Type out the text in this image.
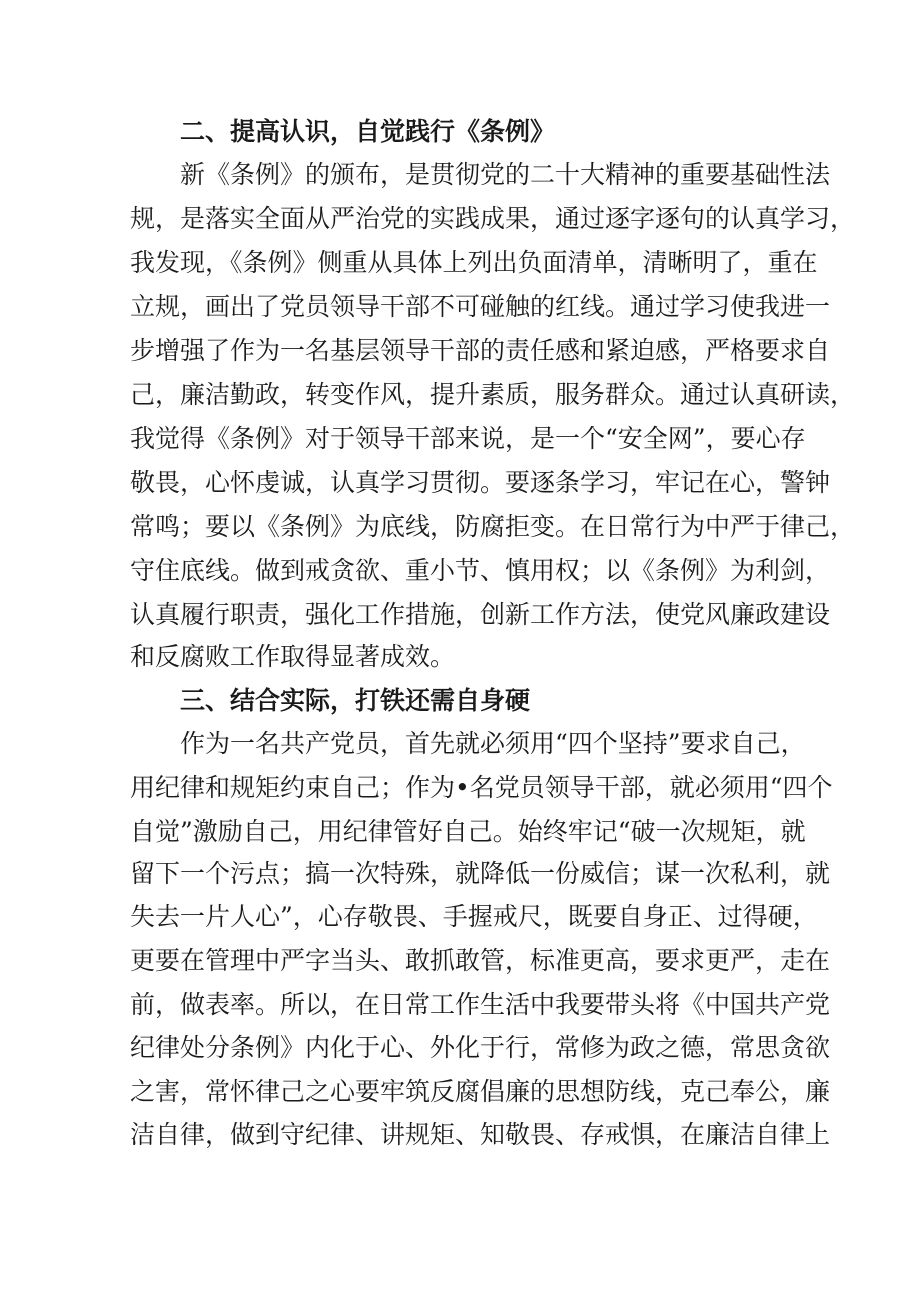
二、提高认识，自觉践行《条例》
新《条例》的颁布，是贯彻党的二十大精神的重要基础性法
规，是落实全面从严治党的实践成果，通过逐字逐句的认真学习，
我发现，《条例》侧重从具体上列出负面清单，清晰明了，重在
立规，画出了党员领导干部不可碰触的红线。通过学习使我进一
步增强了作为一名基层领导干部的责任感和紧迫感，严格要求自
己，廉洁勤政，转变作风，提升素质，服务群众。通过认真研读，
我觉得《条例》对于领导干部来说，是一个“安全网”，要心存
敬畏，心怀虔诚，认真学习贯彻。要逐条学习，牢记在心，警钟
常鸣；要以《条例》为底线，防腐拒变。在日常行为中严于律己，
守住底线。做到戒贪欲、重小节、慎用权；以《条例》为利剑，
认真履行职责，强化工作措施，创新工作方法，使党风廉政建设
和反腐败工作取得显著成效。
三、结合实际，打铁还需自身硬
作为一名共产党员，首先就必须用“四个坚持”要求自己，
用纪律和规矩约束自己；作为•名党员领导干部，就必须用“四个
自觉”激励自己，用纪律管好自己。始终牢记“破一次规矩，就
留下一个污点；搞一次特殊，就降低一份威信；谋一次私利，就
失去一片人心”，心存敬畏、手握戒尺，既要自身正、过得硬，
更要在管理中严字当头、敢抓敢管，标准更高，要求更严，走在
前，做表率。所以，在日常工作生活中我要带头将《中国共产党
纪律处分条例》内化于心、外化于行，常修为政之德，常思贪欲
之害，常怀律己之心要牢筑反腐倡廉的思想防线，克己奉公，廉
洁自律，做到守纪律、讲规矩、知敬畏、存戒惧，在廉洁自律上
